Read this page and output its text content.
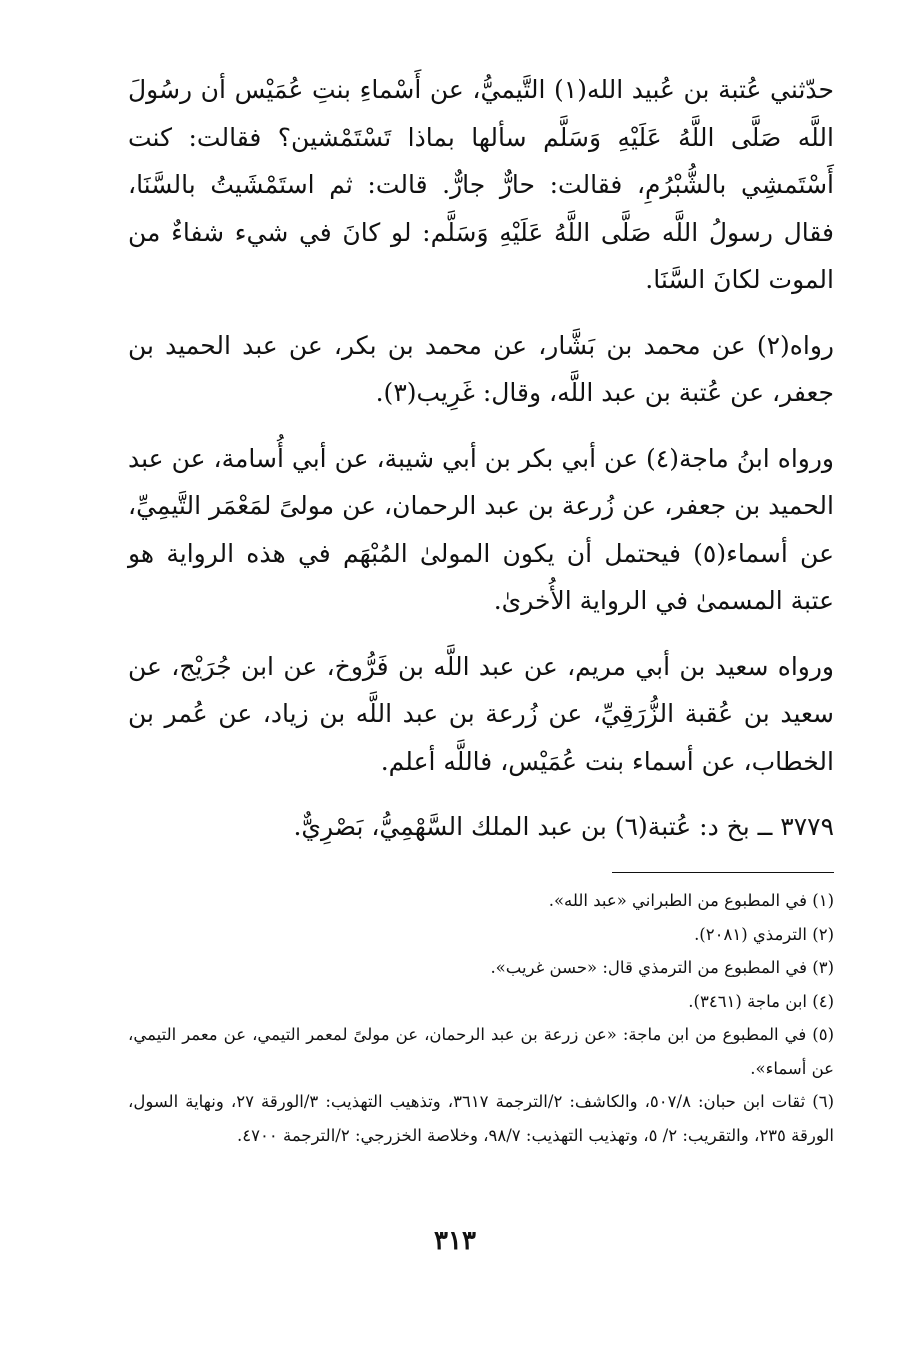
حدّثني عُتبة بن عُبيد الله(١) التَّيميُّ، عن أَسْماءِ بنتِ عُمَيْس أن رسُولَ اللَّه صَلَّى اللَّهُ عَلَيْهِ وَسَلَّم سألها بماذا تَسْتَمْشين؟ فقالت: كنت أَسْتَمشِي بالشُّبْرُمِ، فقالت: حارٌّ جارٌّ. قالت: ثم استَمْشَيتُ بالسَّنَا، فقال رسولُ اللَّه صَلَّى اللَّهُ عَلَيْهِ وَسَلَّم: لو كانَ في شيء شفاءٌ من الموت لكانَ السَّنَا.

رواه(٢) عن محمد بن بَشَّار، عن محمد بن بكر، عن عبد الحميد بن جعفر، عن عُتبة بن عبد اللَّه، وقال: غَرِيب(٣).

ورواه ابنُ ماجة(٤) عن أبي بكر بن أبي شيبة، عن أبي أُسامة، عن عبد الحميد بن جعفر، عن زُرعة بن عبد الرحمان، عن مولىً لمَعْمَر التَّيمِيِّ، عن أسماء(٥) فيحتمل أن يكون المولىٰ المُبْهَم في هذه الرواية هو عتبة المسمىٰ في الرواية الأُخرىٰ.

ورواه سعيد بن أبي مريم، عن عبد اللَّه بن فَرُّوخ، عن ابن جُرَيْج، عن سعيد بن عُقبة الزُّرَقِيِّ، عن زُرعة بن عبد اللَّه بن زياد، عن عُمر بن الخطاب، عن أسماء بنت عُمَيْس، فاللَّه أعلم.

٣٧٧٩ ــ بخ د: عُتبة(٦) بن عبد الملك السَّهْمِيُّ، بَصْرِيٌّ.

(١) في المطبوع من الطبراني «عبد الله».

(٢) الترمذي (٢٠٨١).

(٣) في المطبوع من الترمذي قال: «حسن غريب».

(٤) ابن ماجة (٣٤٦١).

(٥) في المطبوع من ابن ماجة: «عن زرعة بن عبد الرحمان، عن مولىً لمعمر التيمي، عن معمر التيمي، عن أسماء».

(٦) ثقات ابن حبان: ٥٠٧/٨، والكاشف: ٢/الترجمة ٣٦١٧، وتذهيب التهذيب: ٣/الورقة ٢٧، ونهاية السول، الورقة ٢٣٥، والتقريب: ٢/ ٥، وتهذيب التهذيب: ٩٨/٧، وخلاصة الخزرجي: ٢/الترجمة ٤٧٠٠.

٣١٣
